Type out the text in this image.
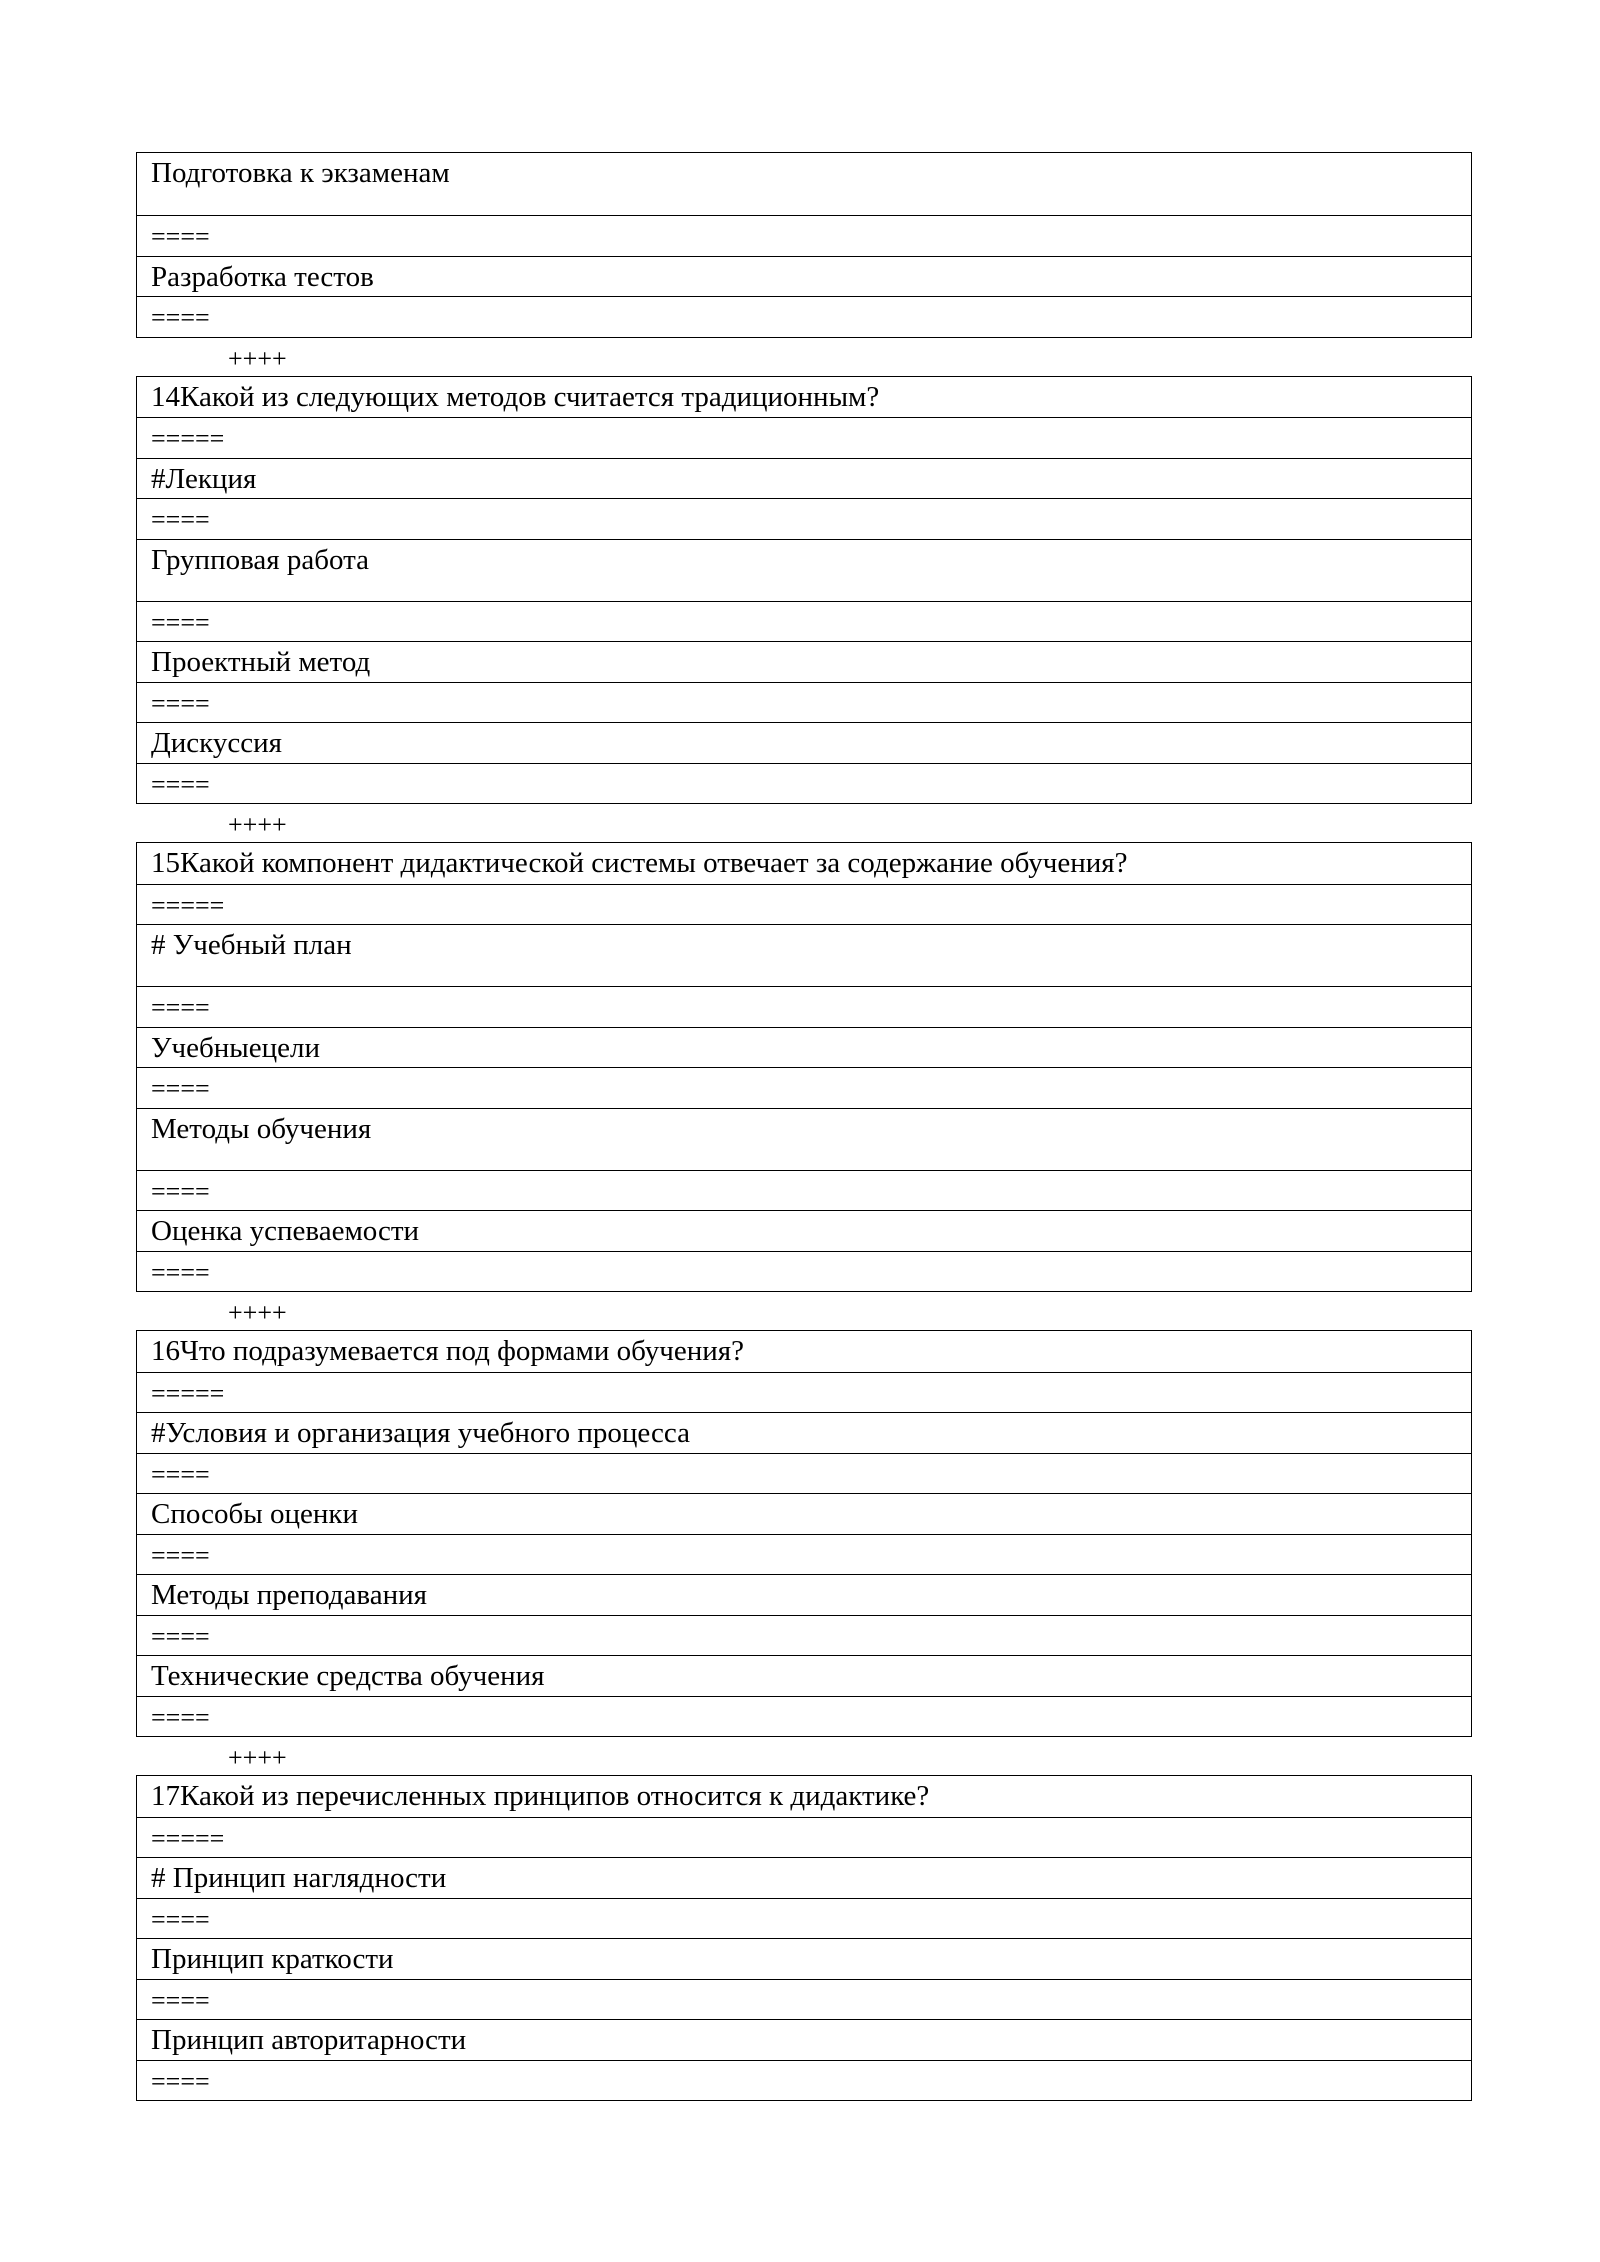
Подготовка к экзаменам
====
Разработка тестов
====
++++
14Какой из следующих методов считается традиционным?
=====
#Лекция
====
Групповая работа
====
Проектный метод
====
Дискуссия
====
++++
15Какой компонент дидактической системы отвечает за содержание обучения?
=====
# Учебный план
====
Учебныецели
====
Методы обучения
====
Оценка успеваемости
====
++++
16Что подразумевается под формами обучения?
=====
#Условия и организация учебного процесса
====
Способы оценки
====
Методы преподавания
====
Технические средства обучения
====
++++
17Какой из перечисленных принципов относится к дидактике?
=====
# Принцип наглядности
====
Принцип краткости
====
Принцип авторитарности
====
